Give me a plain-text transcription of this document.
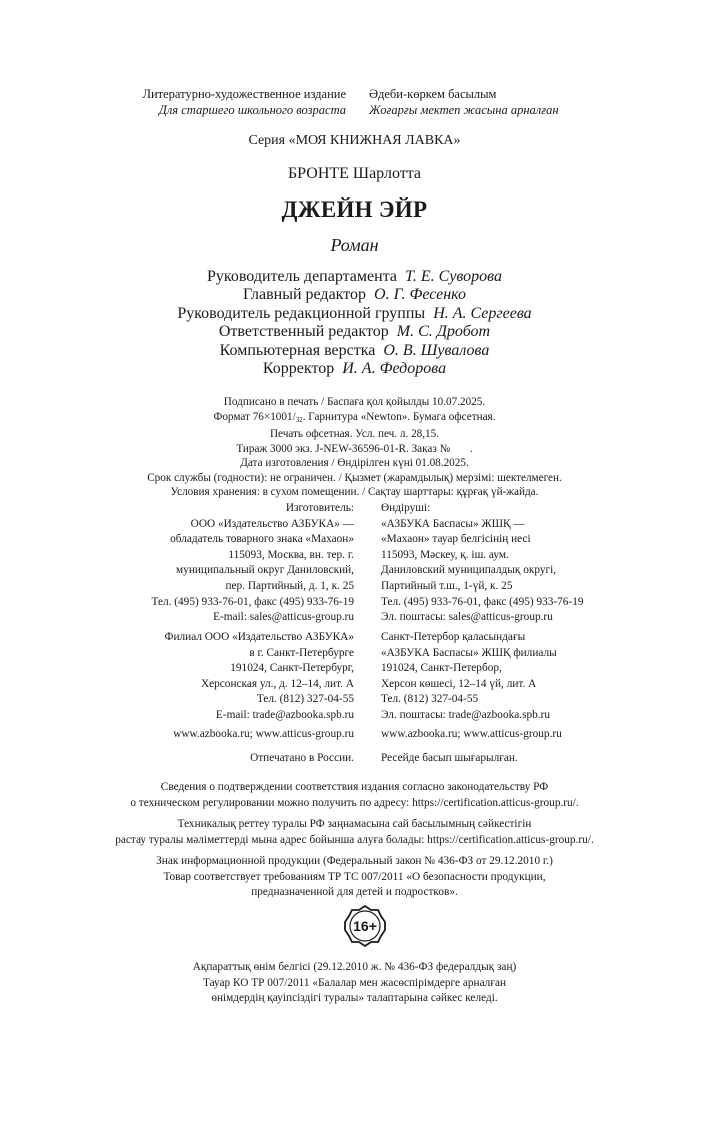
Литературно-художественное издание
Для старшего школьного возраста
Әдеби-көркем басылым
Жоғарғы мектеп жасына арналған
Серия «МОЯ КНИЖНАЯ ЛАВКА»
БРОНТЕ Шарлотта
ДЖЕЙН ЭЙР
Роман
Руководитель департамента Т. Е. Суворова
Главный редактор О. Г. Фесенко
Руководитель редакционной группы Н. А. Сергеева
Ответственный редактор М. С. Дробот
Компьютерная верстка О. В. Шувалова
Корректор И. А. Федорова
Подписано в печать / Баспаға қол қойылды 10.07.2025.
Формат $76\times 1001/_{32}$. Гарнитура «Newton». Бумага офсетная.
Печать офсетная. Усл. печ. л. 28,15.
Тираж 3000 экз. J-NEW-36596-01-R. Заказ №       .
Дата изготовления / Өндірілген күні 01.08.2025.
Срок службы (годности): не ограничен. / Қызмет (жарамдылық) мерзімі: шектелмеген.
Условия хранения: в сухом помещении. / Сақтау шарттары: құрғақ үй-жайда.
Изготовитель:
ООО «Издательство АЗБУКА» —
обладатель товарного знака «Махаон»
115093, Москва, вн. тер. г.
муниципальный округ Даниловский,
пер. Партийный, д. 1, к. 25
Тел. (495) 933-76-01, факс (495) 933-76-19
E-mail: sales@atticus-group.ru
Өндіруші:
«АЗБУКА Баспасы» ЖШҚ —
«Махаон» тауар белгісінің иесі
115093, Мәскеу, қ. іш. аум.
Даниловский муниципалдық округі,
Партийный т.ш., 1-үй, к. 25
Тел. (495) 933-76-01, факс (495) 933-76-19
Эл. поштасы: sales@atticus-group.ru
Филиал ООО «Издательство АЗБУКА»
в г. Санкт-Петербурге
191024, Санкт-Петербург,
Херсонская ул., д. 12–14, лит. А
Тел. (812) 327-04-55
E-mail: trade@azbooka.spb.ru
Санкт-Петербор қаласындағы
«АЗБУКА Баспасы» ЖШҚ филиалы
191024, Санкт-Петербор,
Херсон көшесі, 12–14 үй, лит. А
Тел. (812) 327-04-55
Эл. поштасы: trade@azbooka.spb.ru
www.azbooka.ru; www.atticus-group.ru	www.azbooka.ru; www.atticus-group.ru
Отпечатано в России.	Ресейде басып шығарылған.
Сведения о подтверждении соответствия издания согласно законодательству РФ
о техническом регулировании можно получить по адресу: https://certification.atticus-group.ru/.
Техникалық реттеу туралы РФ заңнамасына сай басылымның сәйкестігін
растау туралы мәліметтерді мына адрес бойынша алуға болады: https://certification.atticus-group.ru/.
Знак информационной продукции (Федеральный закон № 436-ФЗ от 29.12.2010 г.)
Товар соответствует требованиям ТР ТС 007/2011 «О безопасности продукции,
предназначенной для детей и подростков».
16+
Ақпараттық өнім белгісі (29.12.2010 ж. № 436-ФЗ федералдық заң)
Тауар КО ТР 007/2011 «Балалар мен жасөспірімдерге арналған
өнімдердің қауіпсіздігі туралы» талаптарына сәйкес келеді.
